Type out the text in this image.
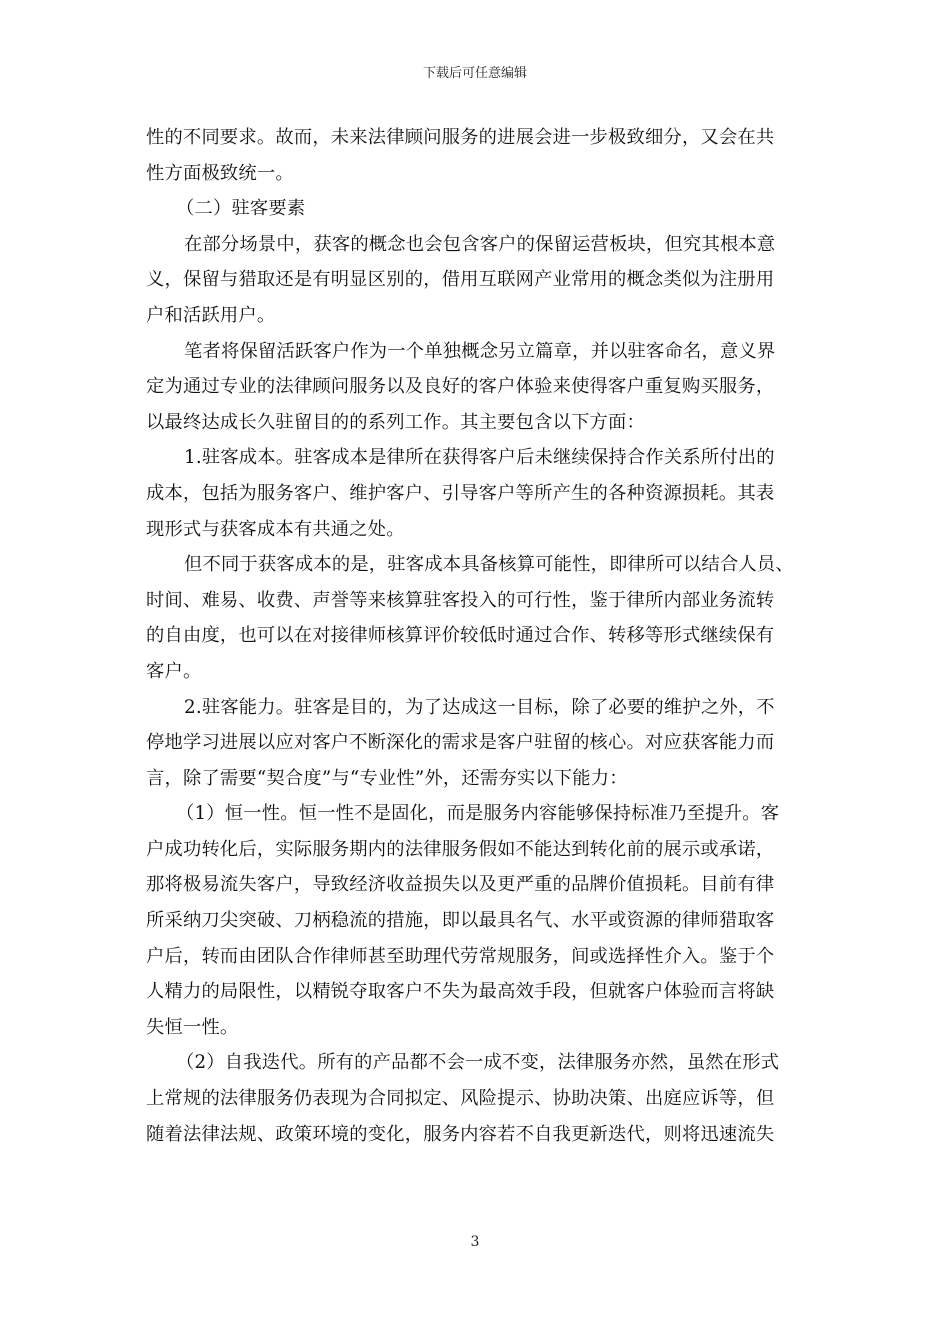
下载后可任意编辑

性的不同要求。故而，未来法律顾问服务的进展会进一步极致细分，又会在共
性方面极致统一。

（二）驻客要素

在部分场景中，获客的概念也会包含客户的保留运营板块，但究其根本意
义，保留与猎取还是有明显区别的，借用互联网产业常用的概念类似为注册用
户和活跃用户。

笔者将保留活跃客户作为一个单独概念另立篇章，并以驻客命名，意义界
定为通过专业的法律顾问服务以及良好的客户体验来使得客户重复购买服务，
以最终达成长久驻留目的的系列工作。其主要包含以下方面：

1.驻客成本。驻客成本是律所在获得客户后未继续保持合作关系所付出的
成本，包括为服务客户、维护客户、引导客户等所产生的各种资源损耗。其表
现形式与获客成本有共通之处。

但不同于获客成本的是，驻客成本具备核算可能性，即律所可以结合人员、
时间、难易、收费、声誉等来核算驻客投入的可行性，鉴于律所内部业务流转
的自由度，也可以在对接律师核算评价较低时通过合作、转移等形式继续保有
客户。

2.驻客能力。驻客是目的，为了达成这一目标，除了必要的维护之外，不
停地学习进展以应对客户不断深化的需求是客户驻留的核心。对应获客能力而
言，除了需要“契合度”与“专业性”外，还需夯实以下能力：

（1）恒一性。恒一性不是固化，而是服务内容能够保持标准乃至提升。客
户成功转化后，实际服务期内的法律服务假如不能达到转化前的展示或承诺，
那将极易流失客户，导致经济收益损失以及更严重的品牌价值损耗。目前有律
所采纳刀尖突破、刀柄稳流的措施，即以最具名气、水平或资源的律师猎取客
户后，转而由团队合作律师甚至助理代劳常规服务，间或选择性介入。鉴于个
人精力的局限性，以精锐夺取客户不失为最高效手段，但就客户体验而言将缺
失恒一性。

（2）自我迭代。所有的产品都不会一成不变，法律服务亦然，虽然在形式
上常规的法律服务仍表现为合同拟定、风险提示、协助决策、出庭应诉等，但
随着法律法规、政策环境的变化，服务内容若不自我更新迭代，则将迅速流失

3
